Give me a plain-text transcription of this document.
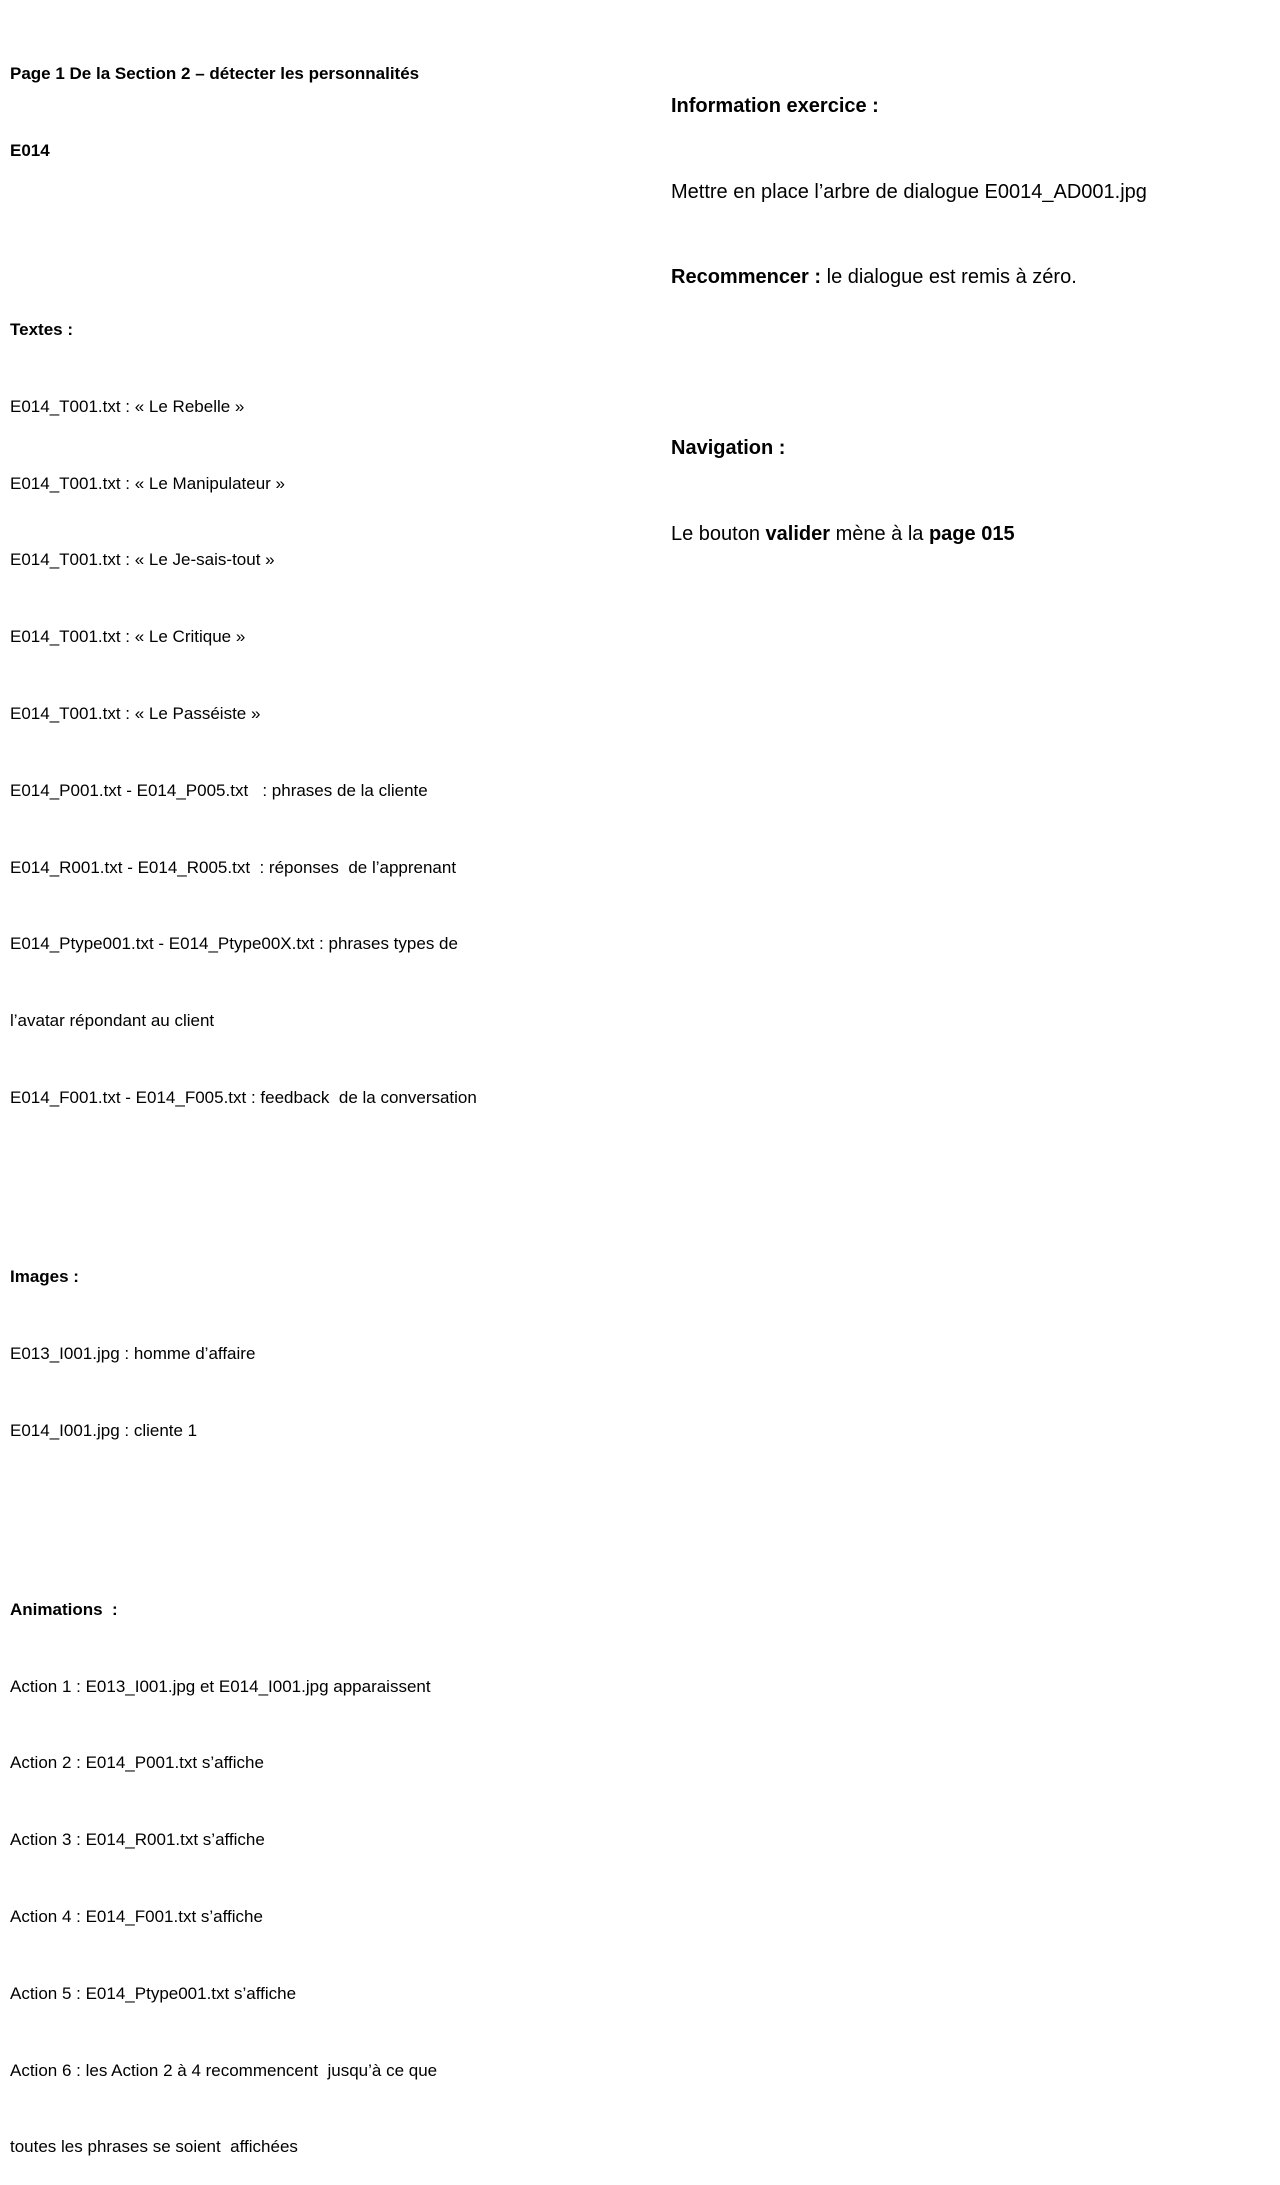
Page 1 De la Section 2 – détecter les personnalités

E014

Textes :

E014_T001.txt : « Le Rebelle »

E014_T001.txt : « Le Manipulateur »

E014_T001.txt : « Le Je-sais-tout »

E014_T001.txt : « Le Critique »

E014_T001.txt : « Le Passéiste »

E014_P001.txt - E014_P005.txt   : phrases de la cliente

E014_R001.txt - E014_R005.txt  : réponses  de l’apprenant

E014_Ptype001.txt - E014_Ptype00X.txt : phrases types de

l’avatar répondant au client

E014_F001.txt - E014_F005.txt : feedback  de la conversation

Images :

E013_I001.jpg : homme d’affaire

E014_I001.jpg : cliente 1

Animations  :

Action 1 : E013_I001.jpg et E014_I001.jpg apparaissent

Action 2 : E014_P001.txt s’affiche

Action 3 : E014_R001.txt s’affiche

Action 4 : E014_F001.txt s’affiche

Action 5 : E014_Ptype001.txt s’affiche

Action 6 : les Action 2 à 4 recommencent  jusqu’à ce que

toutes les phrases se soient  affichées

Information exercice :

Mettre en place l’arbre de dialogue E0014_AD001.jpg

Recommencer : le dialogue est remis à zéro.

Navigation :

Le bouton valider mène à la page 015
